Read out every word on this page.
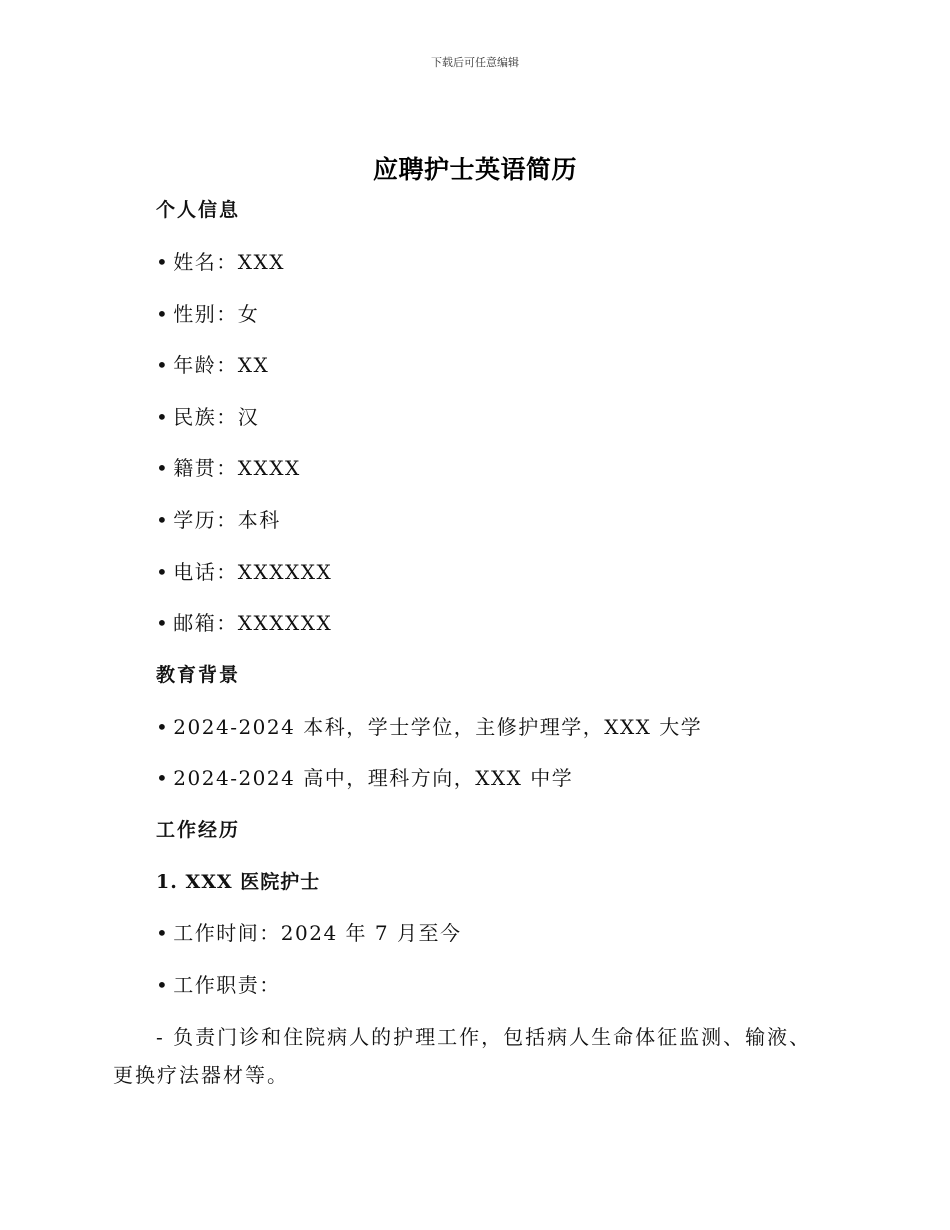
下载后可任意编辑
应聘护士英语简历
个人信息
• 姓名：XXX
• 性别：女
• 年龄：XX
• 民族：汉
• 籍贯：XXXX
• 学历：本科
• 电话：XXXXXX
• 邮箱：XXXXXX
教育背景
• 2024-2024 本科，学士学位，主修护理学，XXX 大学
• 2024-2024 高中，理科方向，XXX 中学
工作经历
1. XXX 医院护士
• 工作时间：2024 年 7 月至今
• 工作职责：
- 负责门诊和住院病人的护理工作，包括病人生命体征监测、输液、更换疗法器材等。
